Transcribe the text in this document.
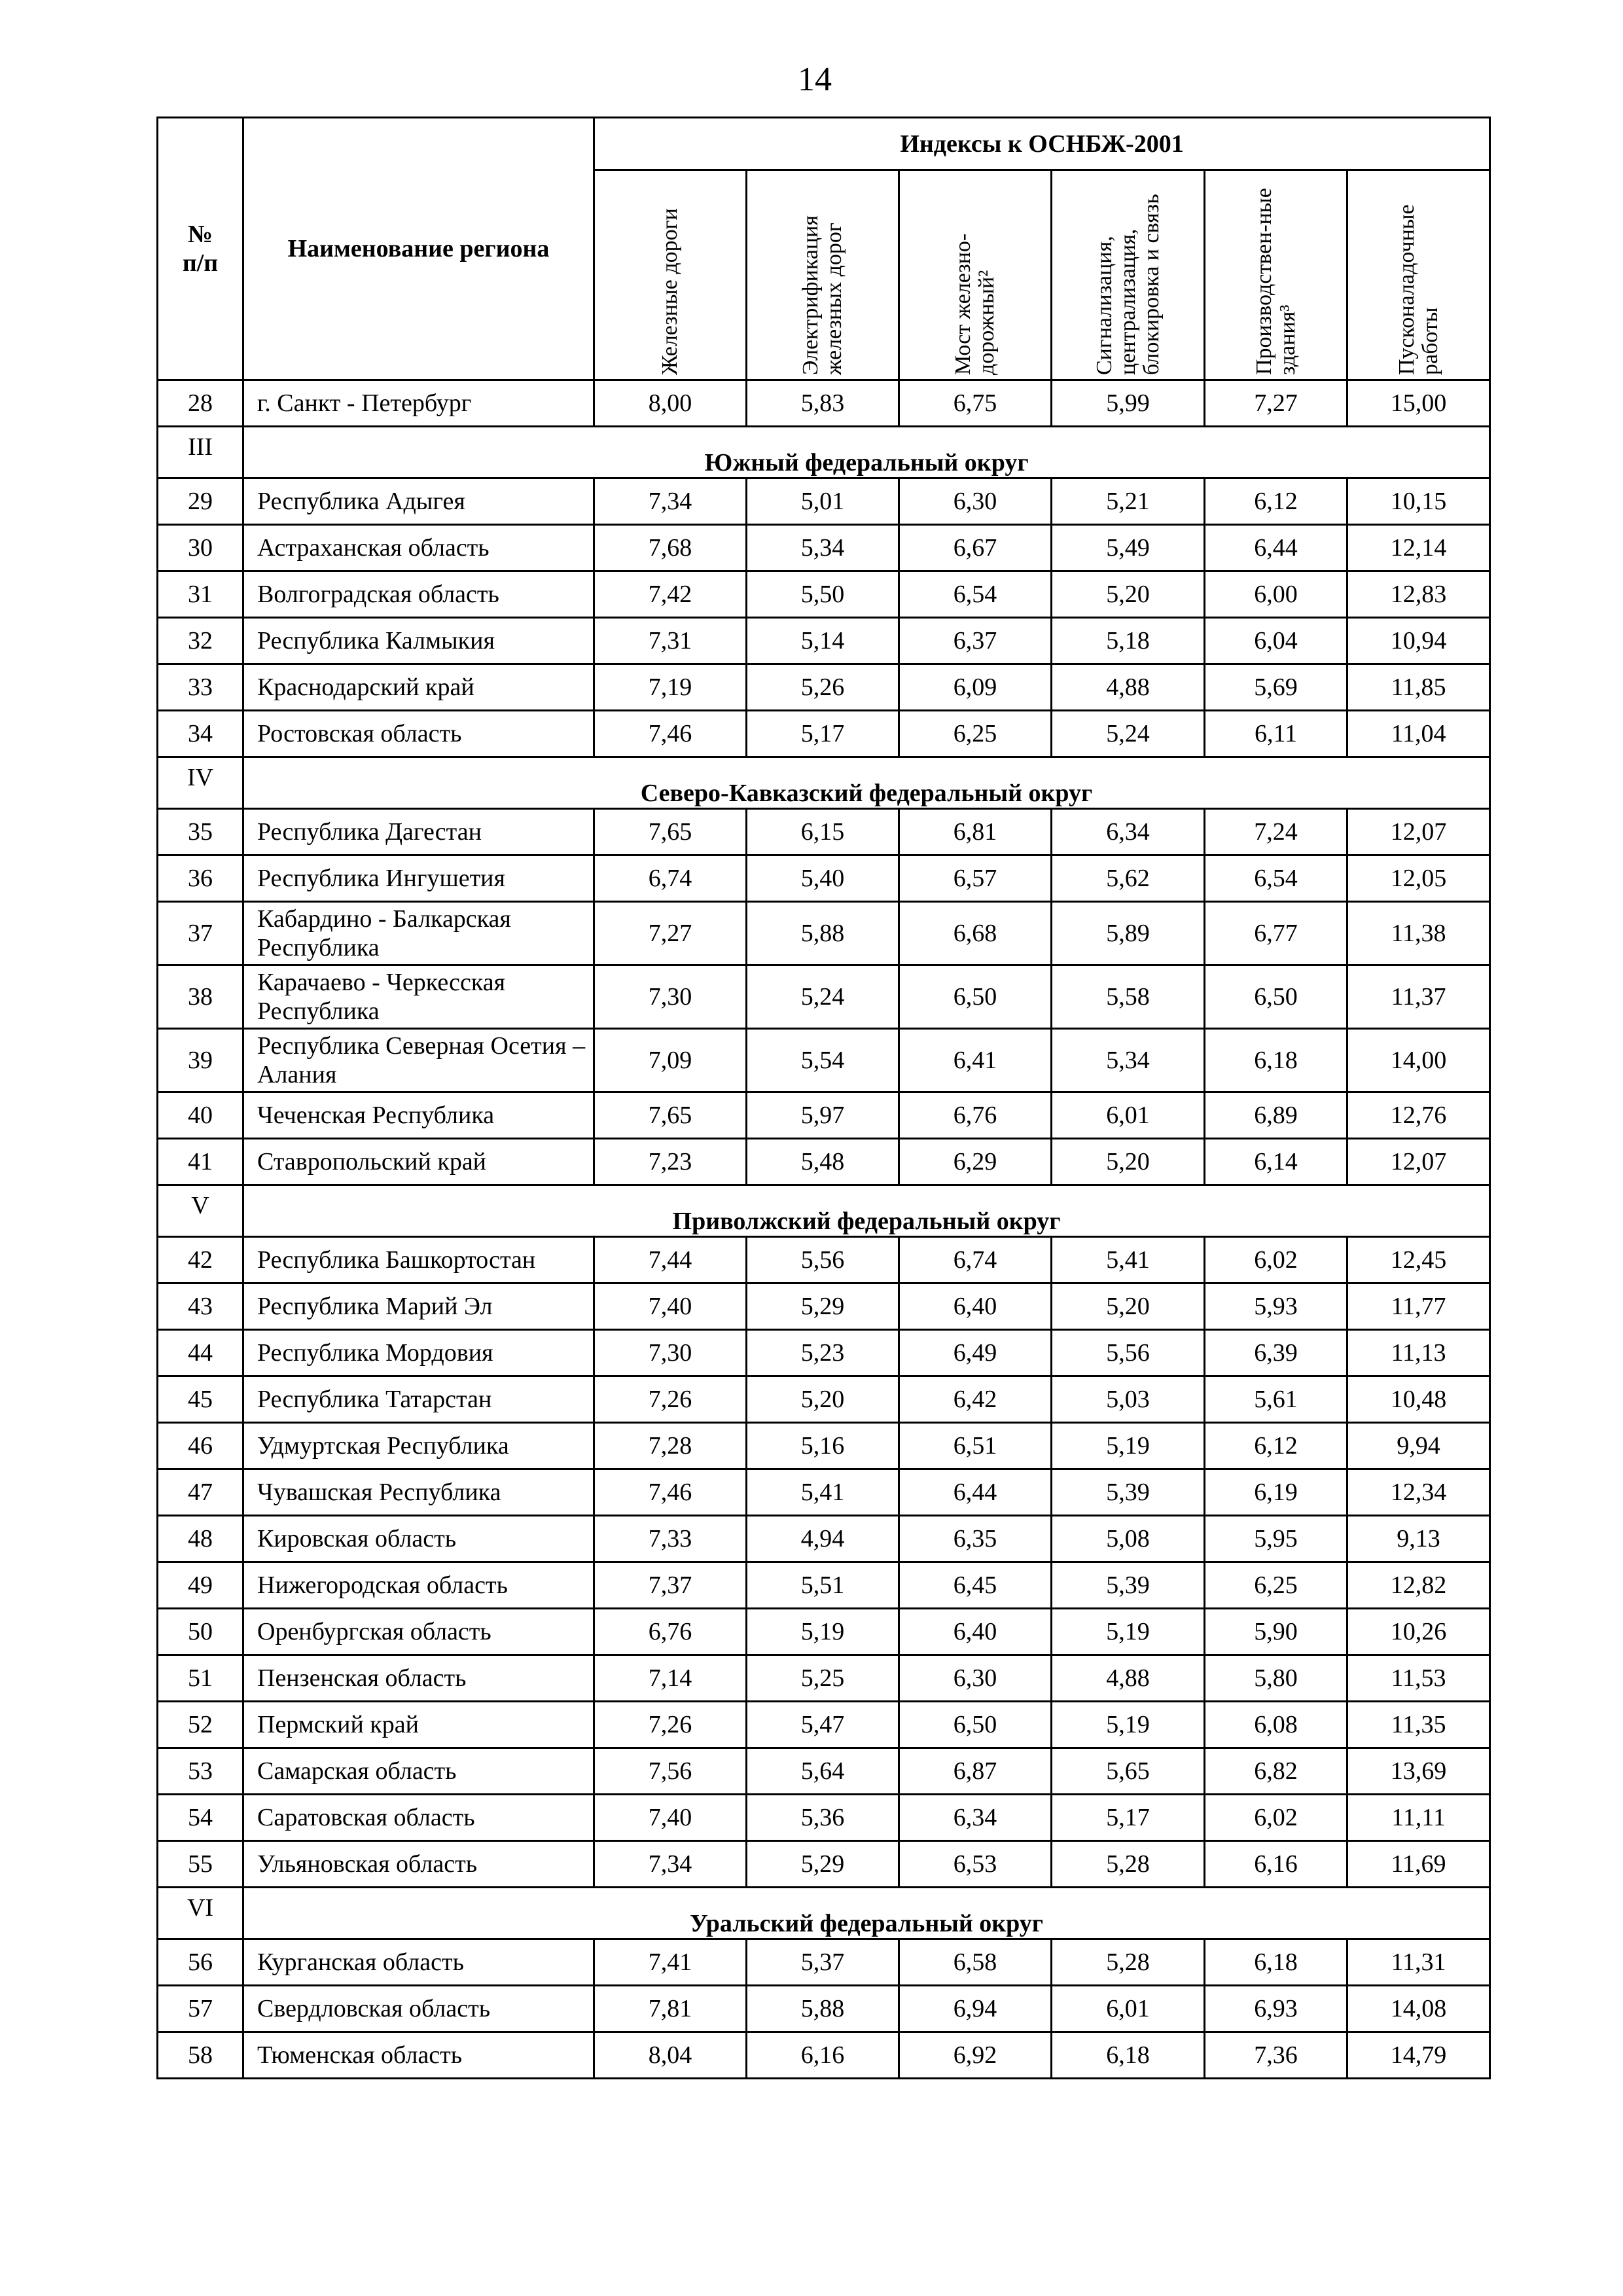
14
№
п/п	Наименование региона	Индексы к ОСНБЖ-2001					

		Железные дороги	Электрификация железных дорог	Мост железно-дорожный²	Сигнализация, централизация, блокировка и связь	Производствен-ные здания³	Пусконаладочные работы

28	г. Санкт - Петербург	8,00	5,83	6,75	5,99	7,27	15,00
III	Южный федеральный округ						
29	Республика Адыгея	7,34	5,01	6,30	5,21	6,12	10,15
30	Астраханская область	7,68	5,34	6,67	5,49	6,44	12,14
31	Волгоградская область	7,42	5,50	6,54	5,20	6,00	12,83
32	Республика Калмыкия	7,31	5,14	6,37	5,18	6,04	10,94
33	Краснодарский край	7,19	5,26	6,09	4,88	5,69	11,85
34	Ростовская область	7,46	5,17	6,25	5,24	6,11	11,04
IV	Северо-Кавказский федеральный округ						
35	Республика Дагестан	7,65	6,15	6,81	6,34	7,24	12,07
36	Республика Ингушетия	6,74	5,40	6,57	5,62	6,54	12,05
37	Кабардино - Балкарская Республика	7,27	5,88	6,68	5,89	6,77	11,38
38	Карачаево - Черкесская Республика	7,30	5,24	6,50	5,58	6,50	11,37
39	Республика Северная Осетия – Алания	7,09	5,54	6,41	5,34	6,18	14,00
40	Чеченская Республика	7,65	5,97	6,76	6,01	6,89	12,76
41	Ставропольский край	7,23	5,48	6,29	5,20	6,14	12,07
V	Приволжский федеральный округ						
42	Республика Башкортостан	7,44	5,56	6,74	5,41	6,02	12,45
43	Республика Марий Эл	7,40	5,29	6,40	5,20	5,93	11,77
44	Республика Мордовия	7,30	5,23	6,49	5,56	6,39	11,13
45	Республика Татарстан	7,26	5,20	6,42	5,03	5,61	10,48
46	Удмуртская Республика	7,28	5,16	6,51	5,19	6,12	9,94
47	Чувашская Республика	7,46	5,41	6,44	5,39	6,19	12,34
48	Кировская область	7,33	4,94	6,35	5,08	5,95	9,13
49	Нижегородская область	7,37	5,51	6,45	5,39	6,25	12,82
50	Оренбургская область	6,76	5,19	6,40	5,19	5,90	10,26
51	Пензенская область	7,14	5,25	6,30	4,88	5,80	11,53
52	Пермский край	7,26	5,47	6,50	5,19	6,08	11,35
53	Самарская область	7,56	5,64	6,87	5,65	6,82	13,69
54	Саратовская область	7,40	5,36	6,34	5,17	6,02	11,11
55	Ульяновская область	7,34	5,29	6,53	5,28	6,16	11,69
VI	Уральский федеральный округ						
56	Курганская область	7,41	5,37	6,58	5,28	6,18	11,31
57	Свердловская область	7,81	5,88	6,94	6,01	6,93	14,08
58	Тюменская область	8,04	6,16	6,92	6,18	7,36	14,79
